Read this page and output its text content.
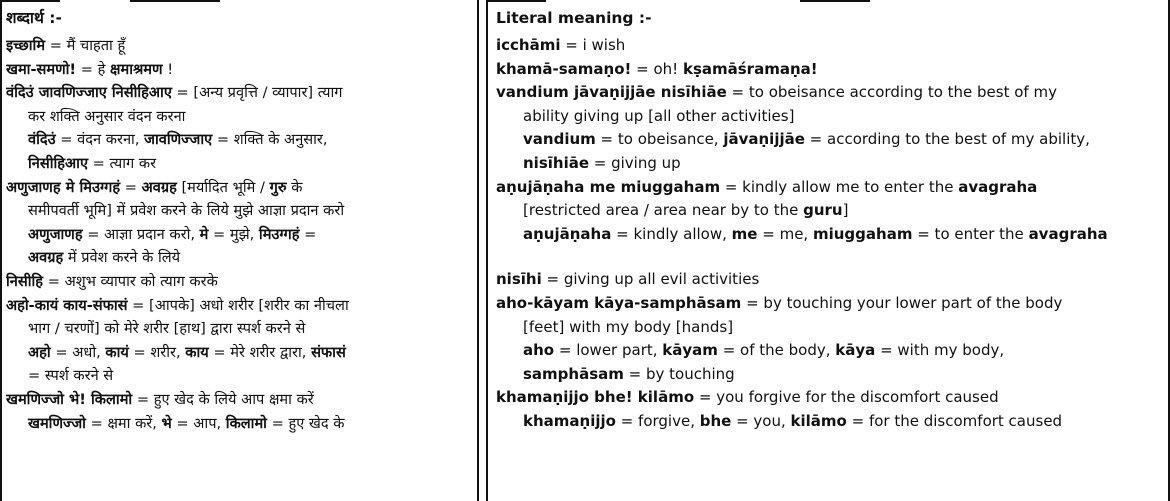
शब्दार्थ :-
इच्छामि = मैं चाहता हूँ
खमा-समणो! = हे क्षमाश्रमण !
वंदिउं जावणिज्जाए निसीहिआए = [अन्य प्रवृत्ति / व्यापार] त्याग
कर शक्ति अनुसार वंदन करना
वंदिउं = वंदन करना, जावणिज्जाए = शक्ति के अनुसार,
निसीहिआए = त्याग कर
अणुजाणह मे मिउग्गहं = अवग्रह [मर्यादित भूमि / गुरु के
समीपवर्ती भूमि] में प्रवेश करने के लिये मुझे आज्ञा प्रदान करो
अणुजाणह = आज्ञा प्रदान करो, मे = मुझे, मिउग्गहं =
अवग्रह में प्रवेश करने के लिये
निसीहि = अशुभ व्यापार को त्याग करके
अहो-कायं काय-संफासं = [आपके] अधो शरीर [शरीर का नीचला
भाग / चरणों] को मेरे शरीर [हाथ] द्वारा स्पर्श करने से
अहो = अधो, कायं = शरीर, काय = मेरे शरीर द्वारा, संफासं
= स्पर्श करने से
खमणिज्जो भे! किलामो = हुए खेद के लिये आप क्षमा करें
खमणिज्जो = क्षमा करें, भे = आप, किलामो = हुए खेद के
Literal meaning :-
icchāmi = i wish
khamā-samaṇo! = oh! kṣamāśramaṇa!
vandium jāvaṇijjāe nisīhiāe = to obeisance according to the best of my
ability giving up [all other activities]
vandium = to obeisance, jāvaṇijjāe = according to the best of my ability,
nisīhiāe = giving up
aṇujāṇaha me miuggaham = kindly allow me to enter the avagraha
[restricted area / area near by to the guru]
aṇujāṇaha = kindly allow, me = me, miuggaham = to enter the avagraha
nisīhi = giving up all evil activities
aho-kāyam kāya-samphāsam = by touching your lower part of the body
[feet] with my body [hands]
aho = lower part, kāyam = of the body, kāya = with my body,
samphāsam = by touching
khamaṇijjo bhe! kilāmo = you forgive for the discomfort caused
khamaṇijjo = forgive, bhe = you, kilāmo = for the discomfort caused
